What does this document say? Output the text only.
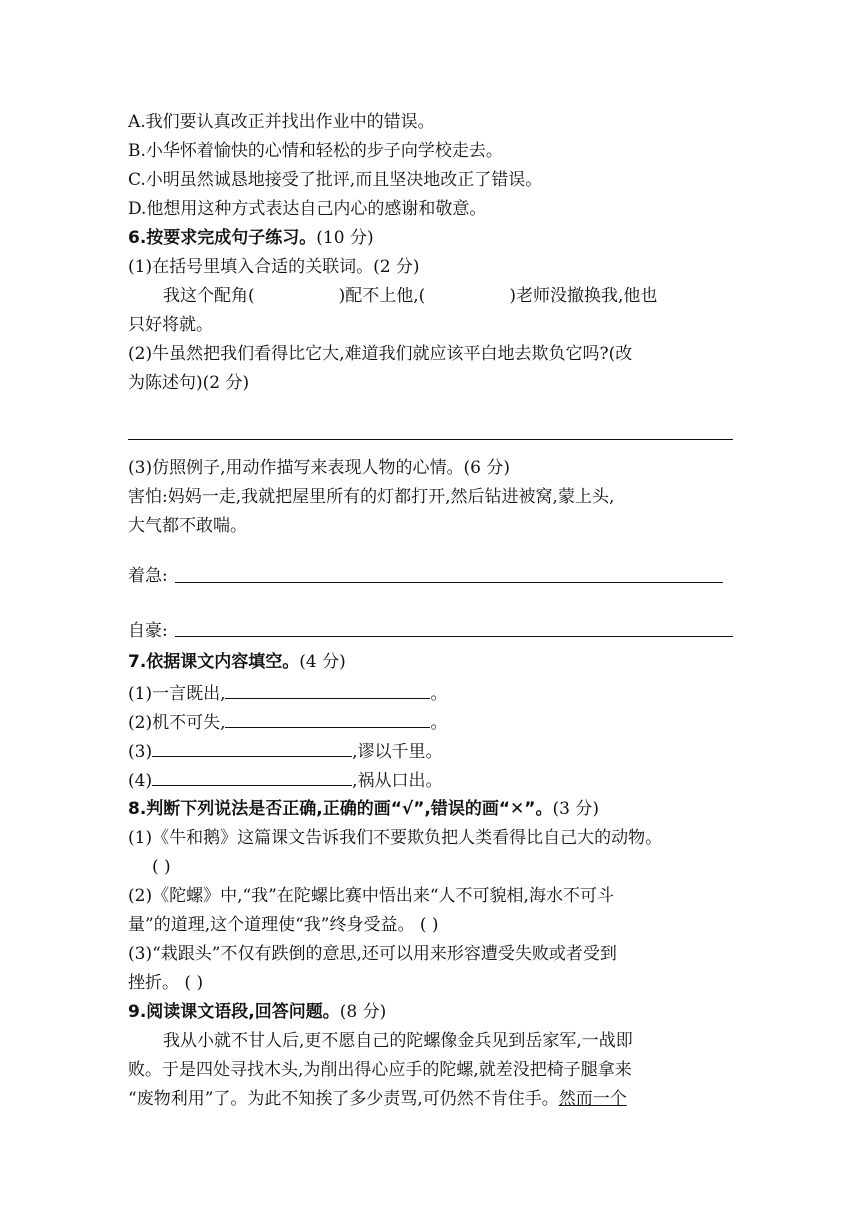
A.我们要认真改正并找出作业中的错误。
B.小华怀着愉快的心情和轻松的步子向学校走去。
C.小明虽然诚恳地接受了批评,而且坚决地改正了错误。
D.他想用这种方式表达自己内心的感谢和敬意。
6.按要求完成句子练习。(10 分)
(1)在括号里填入合适的关联词。(2 分)
我这个配角(	)配不上他,(	)老师没撤换我,他也
只好将就。
(2)牛虽然把我们看得比它大,难道我们就应该平白地去欺负它吗?(改
为陈述句)(2 分)
(3)仿照例子,用动作描写来表现人物的心情。(6 分)
害怕:妈妈一走,我就把屋里所有的灯都打开,然后钻进被窝,蒙上头,
大气都不敢喘。
着急:
自豪:
7.依据课文内容填空。(4 分)
(1)一言既出,	。
(2)机不可失,	。
(3)	,谬以千里。
(4)	,祸从口出。
8.判断下列说法是否正确,正确的画“√”,错误的画“✕”。(3 分)
(1)《牛和鹅》这篇课文告诉我们不要欺负把人类看得比自己大的动物。
( )
(2)《陀螺》中,“我”在陀螺比赛中悟出来“人不可貌相,海水不可斗
量”的道理,这个道理使“我”终身受益。 ( )
(3)“栽跟头”不仅有跌倒的意思,还可以用来形容遭受失败或者受到
挫折。 ( )
9.阅读课文语段,回答问题。(8 分)
我从小就不甘人后,更不愿自己的陀螺像金兵见到岳家军,一战即
败。于是四处寻找木头,为削出得心应手的陀螺,就差没把椅子腿拿来
“废物利用”了。为此不知挨了多少责骂,可仍然不肯住手。然而一个
